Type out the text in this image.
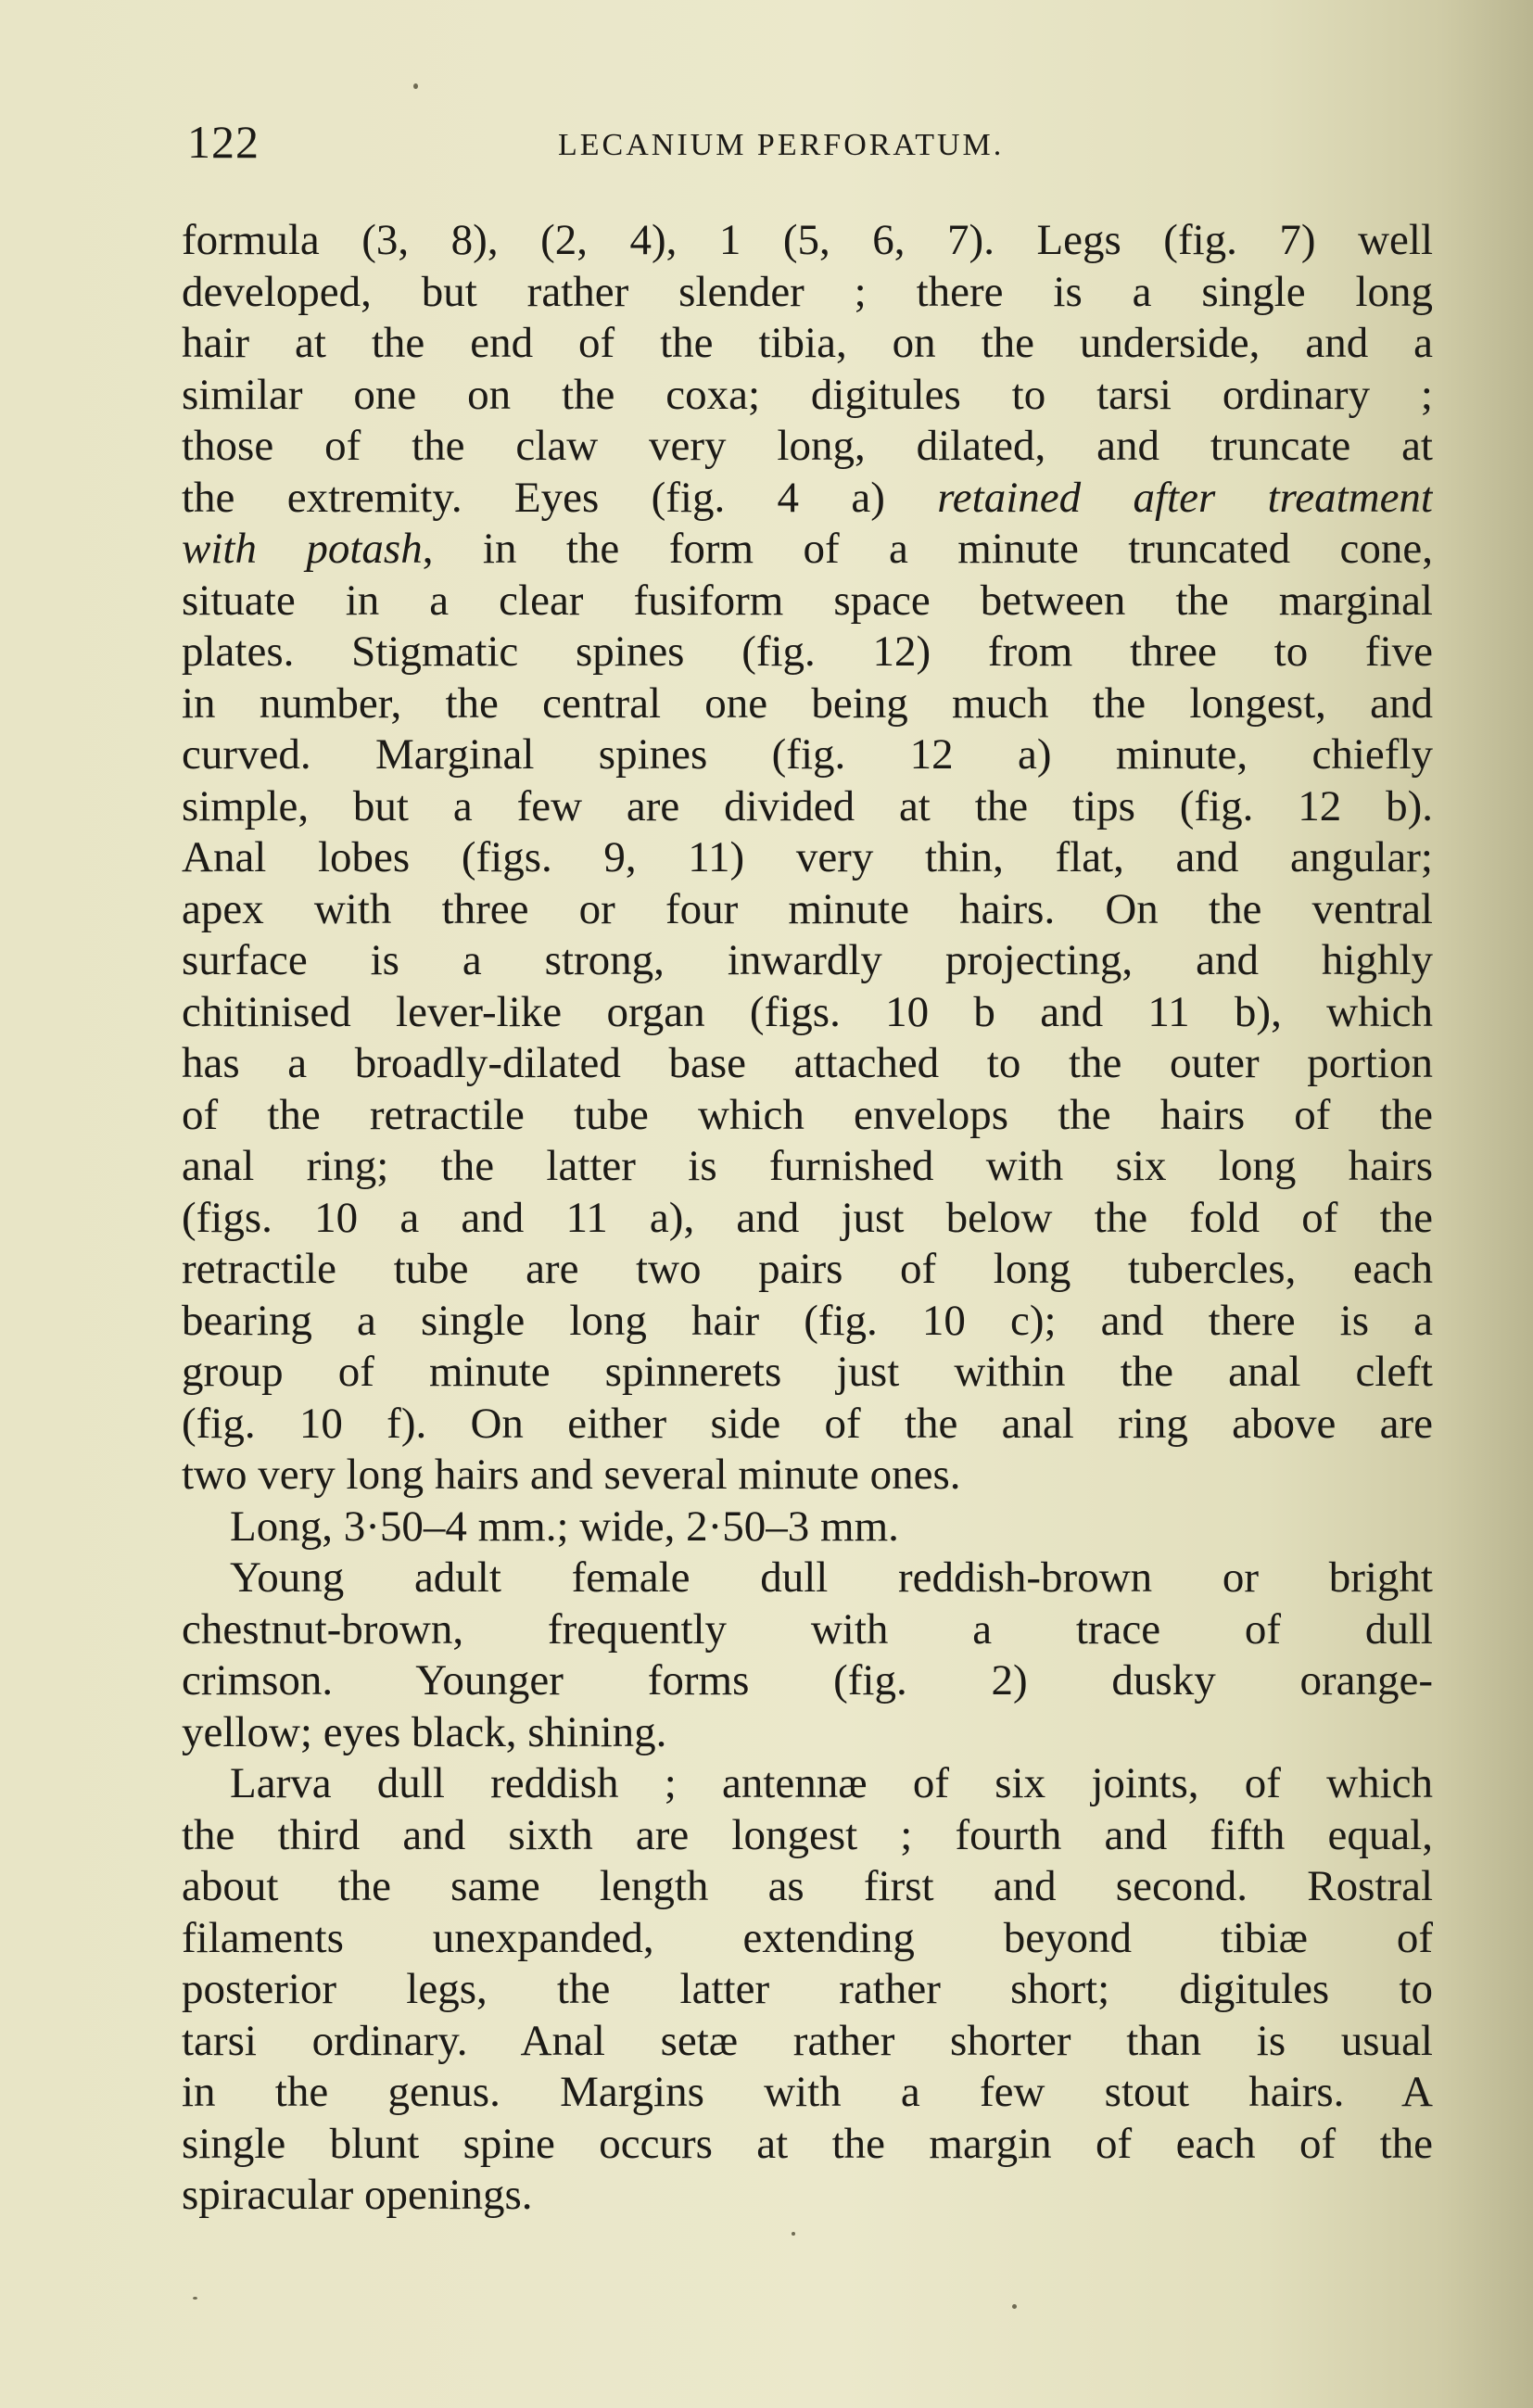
122	LECANIUM PERFORATUM.
formula (3, 8), (2, 4), 1 (5, 6, 7). Legs (fig. 7) well
developed, but rather slender ; there is a single long
hair at the end of the tibia, on the underside, and a
similar one on the coxa; digitules to tarsi ordinary ;
those of the claw very long, dilated, and truncate at
the extremity. Eyes (fig. 4 a) retained after treatment
with potash, in the form of a minute truncated cone,
situate in a clear fusiform space between the marginal
plates. Stigmatic spines (fig. 12) from three to five
in number, the central one being much the longest, and
curved. Marginal spines (fig. 12 a) minute, chiefly
simple, but a few are divided at the tips (fig. 12 b).
Anal lobes (figs. 9, 11) very thin, flat, and angular;
apex with three or four minute hairs. On the ventral
surface is a strong, inwardly projecting, and highly
chitinised lever-like organ (figs. 10 b and 11 b), which
has a broadly-dilated base attached to the outer portion
of the retractile tube which envelops the hairs of the
anal ring; the latter is furnished with six long hairs
(figs. 10 a and 11 a), and just below the fold of the
retractile tube are two pairs of long tubercles, each
bearing a single long hair (fig. 10 c); and there is a
group of minute spinnerets just within the anal cleft
(fig. 10 f). On either side of the anal ring above are
two very long hairs and several minute ones.
Long, 3·50–4 mm.; wide, 2·50–3 mm.
Young adult female dull reddish-brown or bright
chestnut-brown, frequently with a trace of dull
crimson. Younger forms (fig. 2) dusky orange-
yellow; eyes black, shining.
Larva dull reddish ; antennæ of six joints, of which
the third and sixth are longest ; fourth and fifth equal,
about the same length as first and second. Rostral
filaments unexpanded, extending beyond tibiæ of
posterior legs, the latter rather short; digitules to
tarsi ordinary. Anal setæ rather shorter than is usual
in the genus. Margins with a few stout hairs. A
single blunt spine occurs at the margin of each of the
spiracular openings.
